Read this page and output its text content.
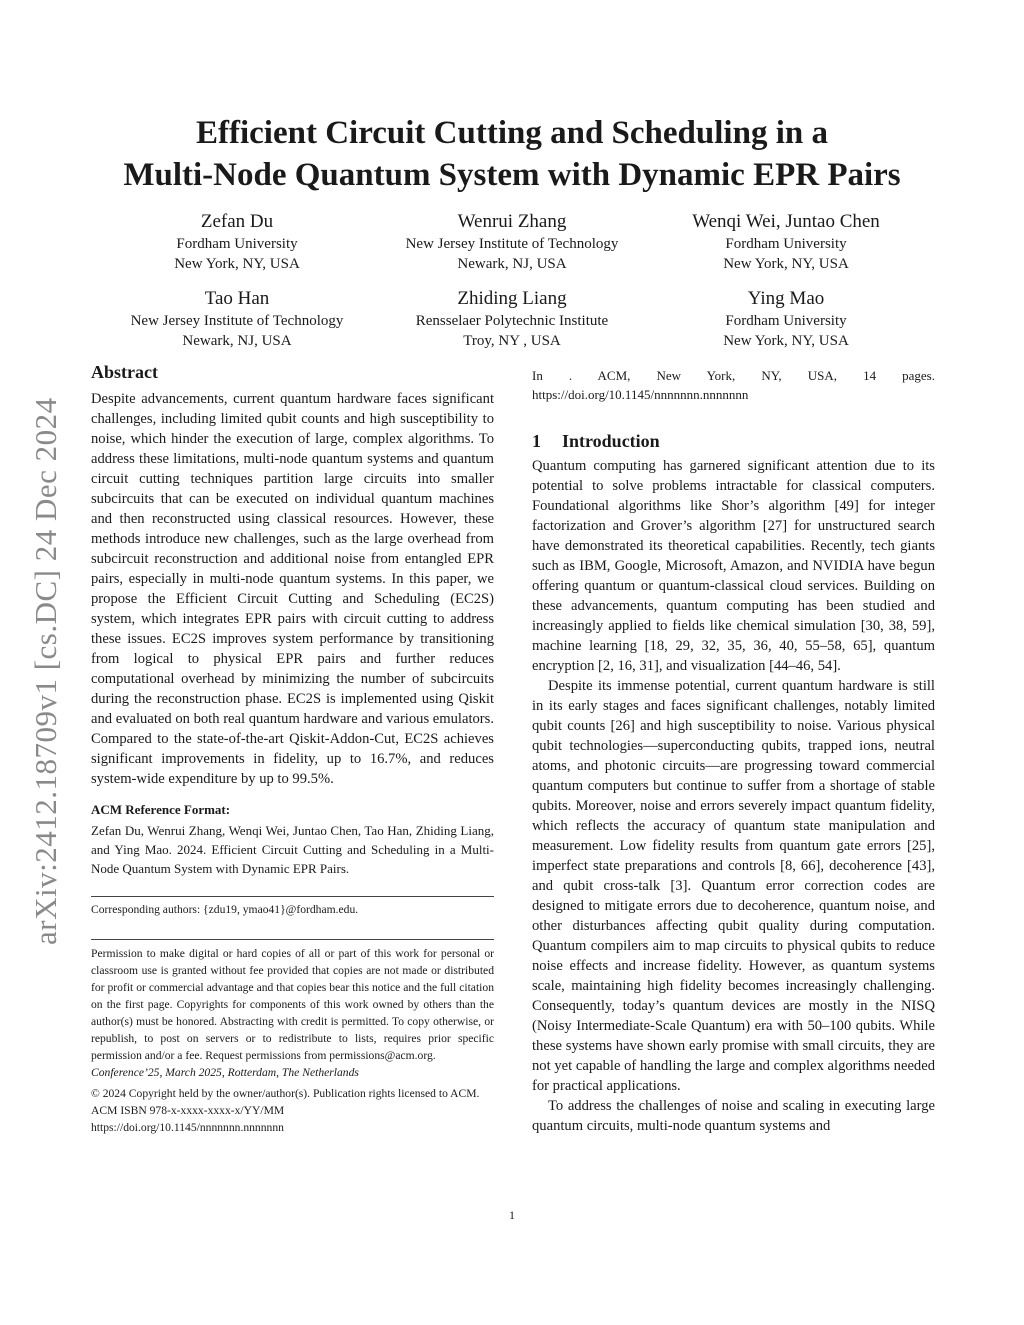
arXiv:2412.18709v1 [cs.DC] 24 Dec 2024
Efficient Circuit Cutting and Scheduling in a
Multi-Node Quantum System with Dynamic EPR Pairs
Zefan Du
Fordham University
New York, NY, USA
Wenrui Zhang
New Jersey Institute of Technology
Newark, NJ, USA
Wenqi Wei, Juntao Chen
Fordham University
New York, NY, USA
Tao Han
New Jersey Institute of Technology
Newark, NJ, USA
Zhiding Liang
Rensselaer Polytechnic Institute
Troy, NY , USA
Ying Mao
Fordham University
New York, NY, USA
Abstract

Despite advancements, current quantum hardware faces significant challenges, including limited qubit counts and high susceptibility to noise, which hinder the execution of large, complex algorithms. To address these limitations, multi-node quantum systems and quantum circuit cutting techniques partition large circuits into smaller subcircuits that can be executed on individual quantum machines and then reconstructed using classical resources. However, these methods introduce new challenges, such as the large overhead from subcircuit reconstruction and additional noise from entangled EPR pairs, especially in multi-node quantum systems. In this paper, we propose the Efficient Circuit Cutting and Scheduling (EC2S) system, which integrates EPR pairs with circuit cutting to address these issues. EC2S improves system performance by transitioning from logical to physical EPR pairs and further reduces computational overhead by minimizing the number of subcircuits during the reconstruction phase. EC2S is implemented using Qiskit and evaluated on both real quantum hardware and various emulators. Compared to the state-of-the-art Qiskit-Addon-Cut, EC2S achieves significant improvements in fidelity, up to 16.7%, and reduces system-wide expenditure by up to 99.5%.

ACM Reference Format:

Zefan Du, Wenrui Zhang, Wenqi Wei, Juntao Chen, Tao Han, Zhiding Liang, and Ying Mao. 2024. Efficient Circuit Cutting and Scheduling in a Multi-Node Quantum System with Dynamic EPR Pairs.

Corresponding authors: {zdu19, ymao41}@fordham.edu.

Permission to make digital or hard copies of all or part of this work for personal or classroom use is granted without fee provided that copies are not made or distributed for profit or commercial advantage and that copies bear this notice and the full citation on the first page. Copyrights for components of this work owned by others than the author(s) must be honored. Abstracting with credit is permitted. To copy otherwise, or republish, to post on servers or to redistribute to lists, requires prior specific permission and/or a fee. Request permissions from permissions@acm.org.

Conference’25, March 2025, Rotterdam, The Netherlands

© 2024 Copyright held by the owner/author(s). Publication rights licensed to ACM.

ACM ISBN 978-x-xxxx-xxxx-x/YY/MM

https://doi.org/10.1145/nnnnnnn.nnnnnnn

In . ACM, New York, NY, USA, 14 pages. https://doi.org/10.1145/nnnnnnn.nnnnnnn

1 Introduction

Quantum computing has garnered significant attention due to its potential to solve problems intractable for classical computers. Foundational algorithms like Shor’s algorithm [49] for integer factorization and Grover’s algorithm [27] for unstructured search have demonstrated its theoretical capabilities. Recently, tech giants such as IBM, Google, Microsoft, Amazon, and NVIDIA have begun offering quantum or quantum-classical cloud services. Building on these advancements, quantum computing has been studied and increasingly applied to fields like chemical simulation [30, 38, 59], machine learning [18, 29, 32, 35, 36, 40, 55–58, 65], quantum encryption [2, 16, 31], and visualization [44–46, 54].

Despite its immense potential, current quantum hardware is still in its early stages and faces significant challenges, notably limited qubit counts [26] and high susceptibility to noise. Various physical qubit technologies—superconducting qubits, trapped ions, neutral atoms, and photonic circuits—are progressing toward commercial quantum computers but continue to suffer from a shortage of stable qubits. Moreover, noise and errors severely impact quantum fidelity, which reflects the accuracy of quantum state manipulation and measurement. Low fidelity results from quantum gate errors [25], imperfect state preparations and controls [8, 66], decoherence [43], and qubit cross-talk [3]. Quantum error correction codes are designed to mitigate errors due to decoherence, quantum noise, and other disturbances affecting qubit quality during computation. Quantum compilers aim to map circuits to physical qubits to reduce noise effects and increase fidelity. However, as quantum systems scale, maintaining high fidelity becomes increasingly challenging. Consequently, today’s quantum devices are mostly in the NISQ (Noisy Intermediate-Scale Quantum) era with 50–100 qubits. While these systems have shown early promise with small circuits, they are not yet capable of handling the large and complex algorithms needed for practical applications.

To address the challenges of noise and scaling in executing large quantum circuits, multi-node quantum systems and

1
